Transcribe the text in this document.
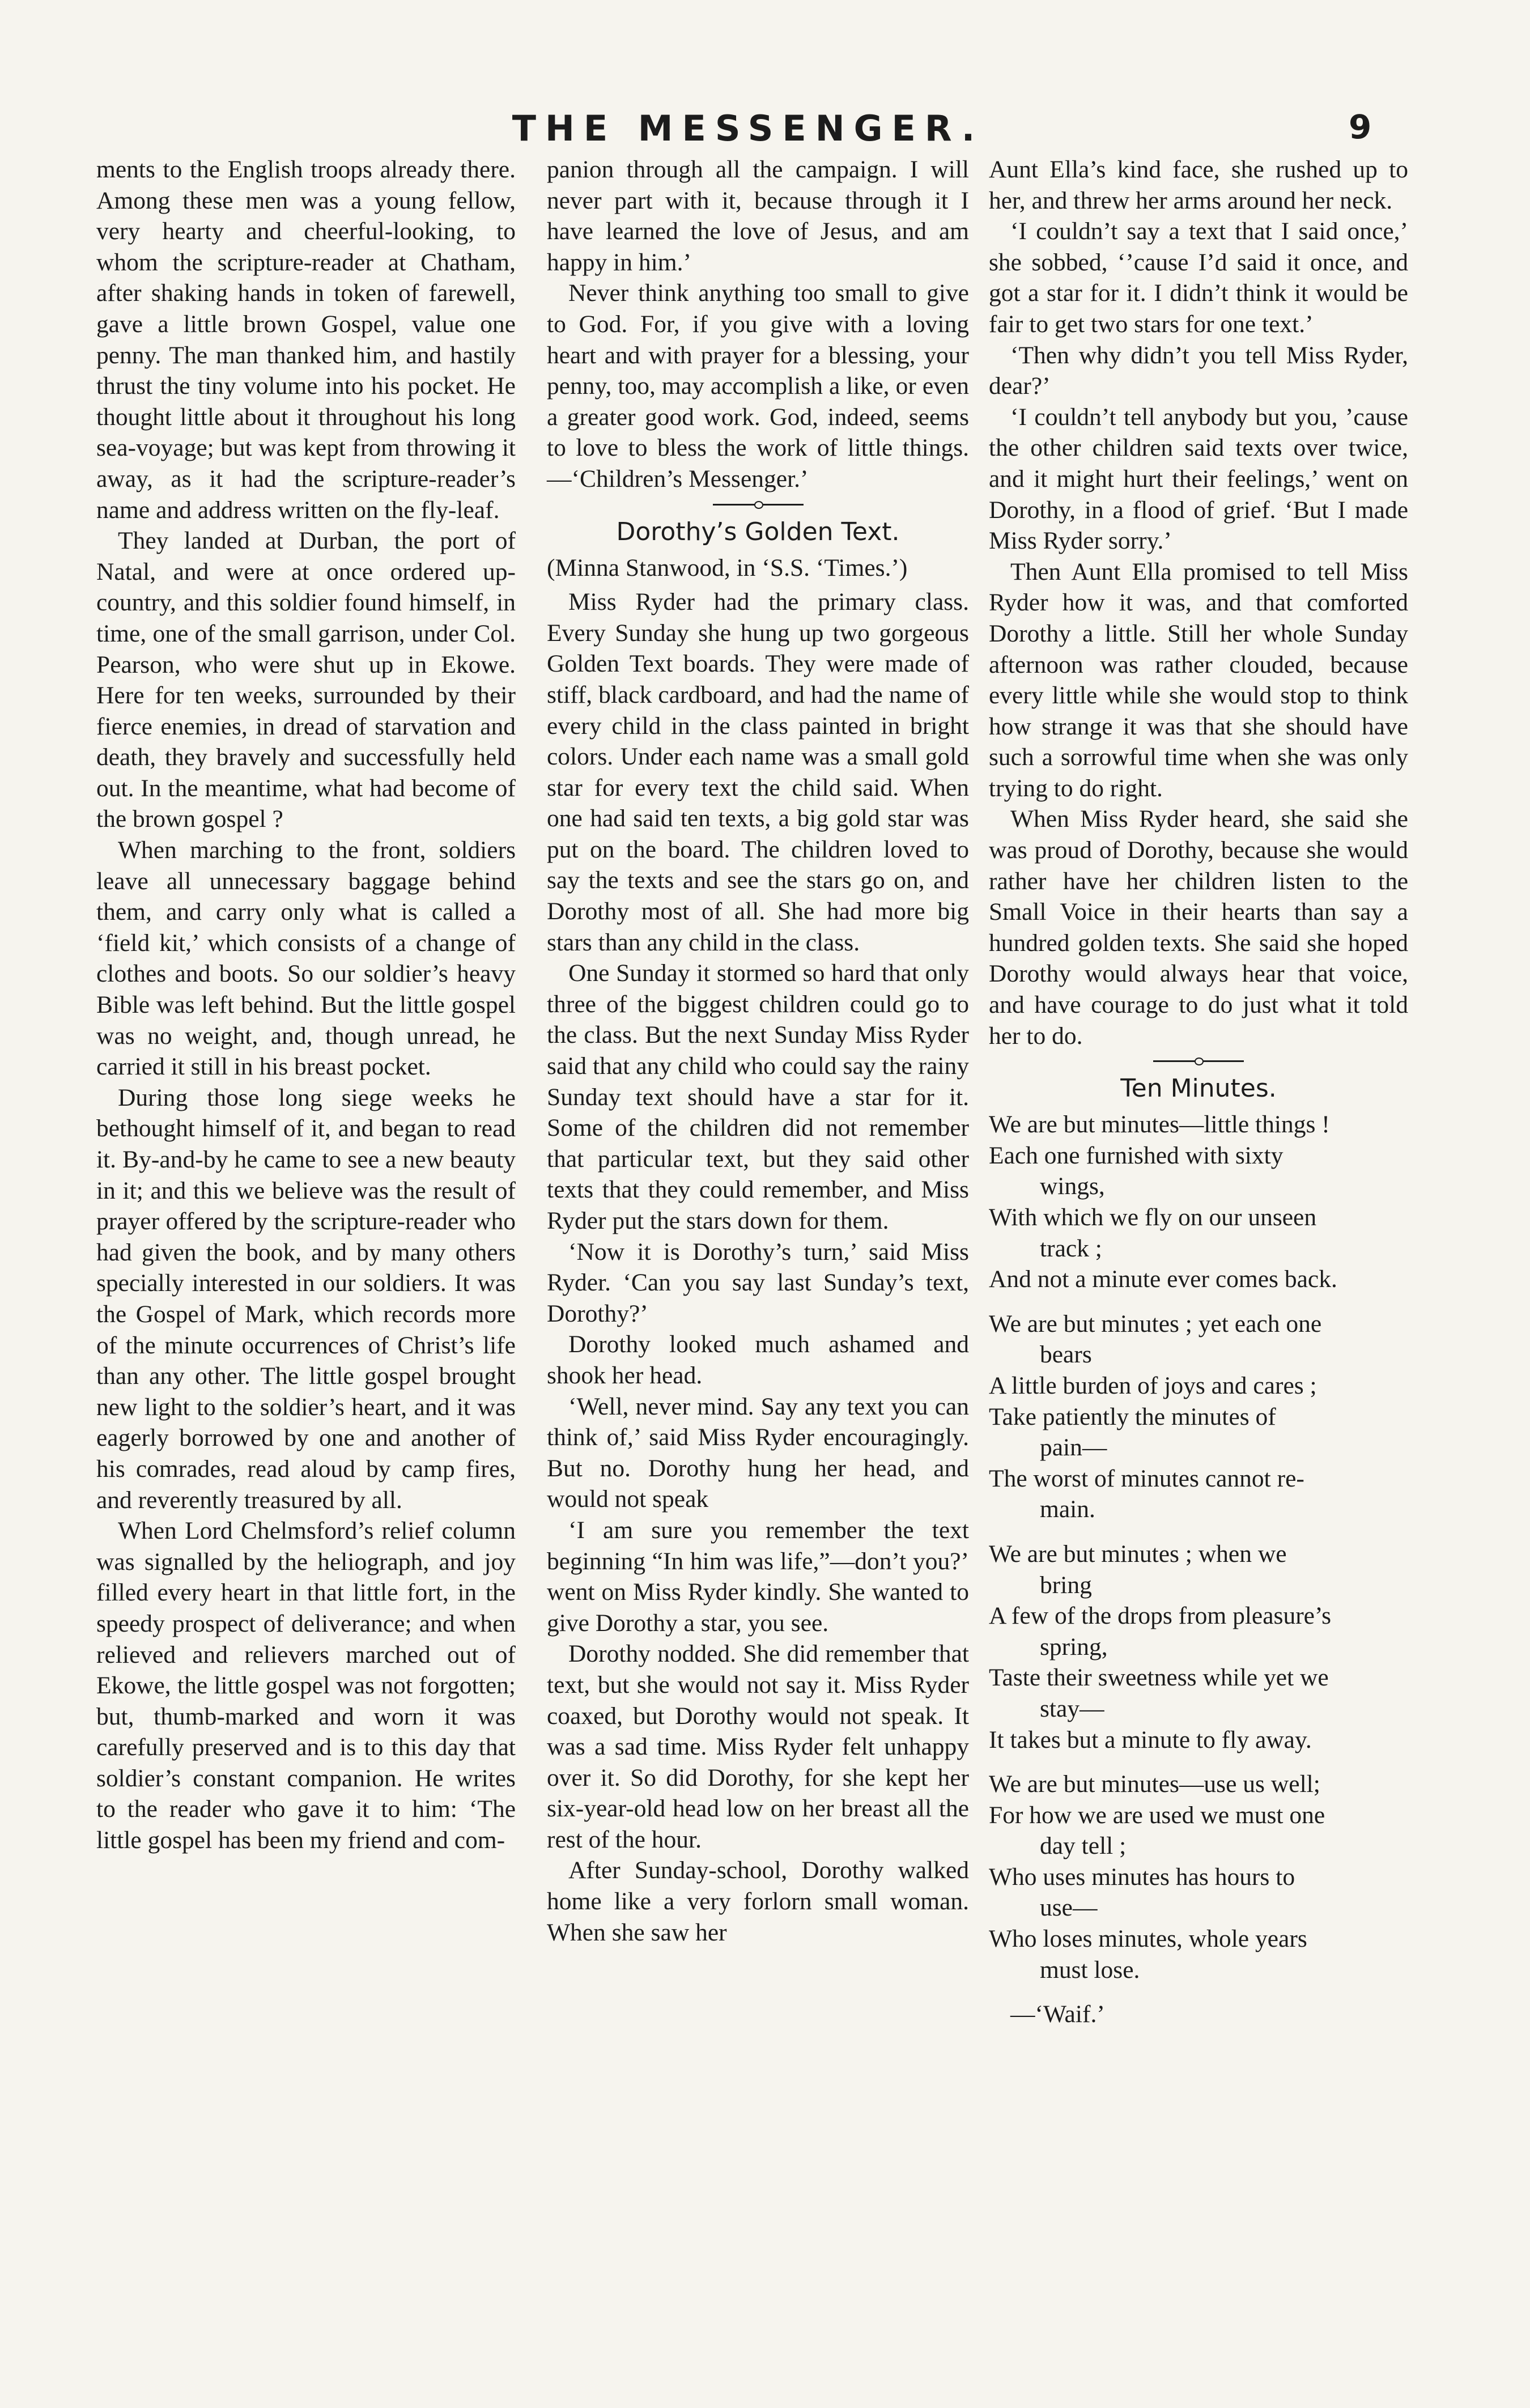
THE MESSENGER.	9

ments to the English troops already there. Among these men was a young fellow, very hearty and cheerful-looking, to whom the scripture-reader at Chatham, after shaking hands in token of farewell, gave a little brown Gospel, value one penny. The man thanked him, and hastily thrust the tiny volume into his pocket. He thought little about it throughout his long sea-voyage; but was kept from throwing it away, as it had the scripture-reader’s name and address written on the fly-leaf.

They landed at Durban, the port of Natal, and were at once ordered up-country, and this soldier found himself, in time, one of the small garrison, under Col. Pearson, who were shut up in Ekowe. Here for ten weeks, surrounded by their fierce enemies, in dread of starvation and death, they bravely and successfully held out. In the meantime, what had become of the brown gospel ?

When marching to the front, soldiers leave all unnecessary baggage behind them, and carry only what is called a ‘field kit,’ which consists of a change of clothes and boots. So our soldier’s heavy Bible was left behind. But the little gospel was no weight, and, though unread, he carried it still in his breast pocket.

During those long siege weeks he bethought himself of it, and began to read it. By-and-by he came to see a new beauty in it; and this we believe was the result of prayer offered by the scripture-reader who had given the book, and by many others specially interested in our soldiers. It was the Gospel of Mark, which records more of the minute occurrences of Christ’s life than any other. The little gospel brought new light to the soldier’s heart, and it was eagerly borrowed by one and another of his comrades, read aloud by camp fires, and reverently treasured by all.

When Lord Chelmsford’s relief column was signalled by the heliograph, and joy filled every heart in that little fort, in the speedy prospect of deliverance; and when relieved and relievers marched out of Ekowe, the little gospel was not forgotten; but, thumb-marked and worn it was carefully preserved and is to this day that soldier’s constant companion. He writes to the reader who gave it to him: ‘The little gospel has been my friend and com-

panion through all the campaign. I will never part with it, because through it I have learned the love of Jesus, and am happy in him.’

Never think anything too small to give to God. For, if you give with a loving heart and with prayer for a blessing, your penny, too, may accomplish a like, or even a greater good work. God, indeed, seems to love to bless the work of little things.—‘Children’s Messenger.’

Dorothy’s Golden Text.

(Minna Stanwood, in ‘S.S. ‘Times.’)

Miss Ryder had the primary class. Every Sunday she hung up two gorgeous Golden Text boards. They were made of stiff, black cardboard, and had the name of every child in the class painted in bright colors. Under each name was a small gold star for every text the child said. When one had said ten texts, a big gold star was put on the board. The children loved to say the texts and see the stars go on, and Dorothy most of all. She had more big stars than any child in the class.

One Sunday it stormed so hard that only three of the biggest children could go to the class. But the next Sunday Miss Ryder said that any child who could say the rainy Sunday text should have a star for it. Some of the children did not remember that particular text, but they said other texts that they could remember, and Miss Ryder put the stars down for them.

‘Now it is Dorothy’s turn,’ said Miss Ryder. ‘Can you say last Sunday’s text, Dorothy?’

Dorothy looked much ashamed and shook her head.

‘Well, never mind. Say any text you can think of,’ said Miss Ryder encouragingly. But no. Dorothy hung her head, and would not speak

‘I am sure you remember the text beginning “In him was life,”—don’t you?’ went on Miss Ryder kindly. She wanted to give Dorothy a star, you see.

Dorothy nodded. She did remember that text, but she would not say it. Miss Ryder coaxed, but Dorothy would not speak. It was a sad time. Miss Ryder felt unhappy over it. So did Dorothy, for she kept her six-year-old head low on her breast all the rest of the hour.

After Sunday-school, Dorothy walked home like a very forlorn small woman. When she saw her

Aunt Ella’s kind face, she rushed up to her, and threw her arms around her neck.

‘I couldn’t say a text that I said once,’ she sobbed, ‘’cause I’d said it once, and got a star for it. I didn’t think it would be fair to get two stars for one text.’

‘Then why didn’t you tell Miss Ryder, dear?’

‘I couldn’t tell anybody but you, ’cause the other children said texts over twice, and it might hurt their feelings,’ went on Dorothy, in a flood of grief. ‘But I made Miss Ryder sorry.’

Then Aunt Ella promised to tell Miss Ryder how it was, and that comforted Dorothy a little. Still her whole Sunday afternoon was rather clouded, because every little while she would stop to think how strange it was that she should have such a sorrowful time when she was only trying to do right.

When Miss Ryder heard, she said she was proud of Dorothy, because she would rather have her children listen to the Small Voice in their hearts than say a hundred golden texts. She said she hoped Dorothy would always hear that voice, and have courage to do just what it told her to do.

Ten Minutes.

We are but minutes—little things !

Each one furnished with sixty

wings,

With which we fly on our unseen

track ;

And not a minute ever comes back.

We are but minutes ; yet each one

bears

A little burden of joys and cares ;

Take patiently the minutes of

pain—

The worst of minutes cannot re-

main.

We are but minutes ; when we

bring

A few of the drops from pleasure’s

spring,

Taste their sweetness while yet we

stay—

It takes but a minute to fly away.

We are but minutes—use us well;

For how we are used we must one

day tell ;

Who uses minutes has hours to

use—

Who loses minutes, whole years

must lose.

—‘Waif.’
